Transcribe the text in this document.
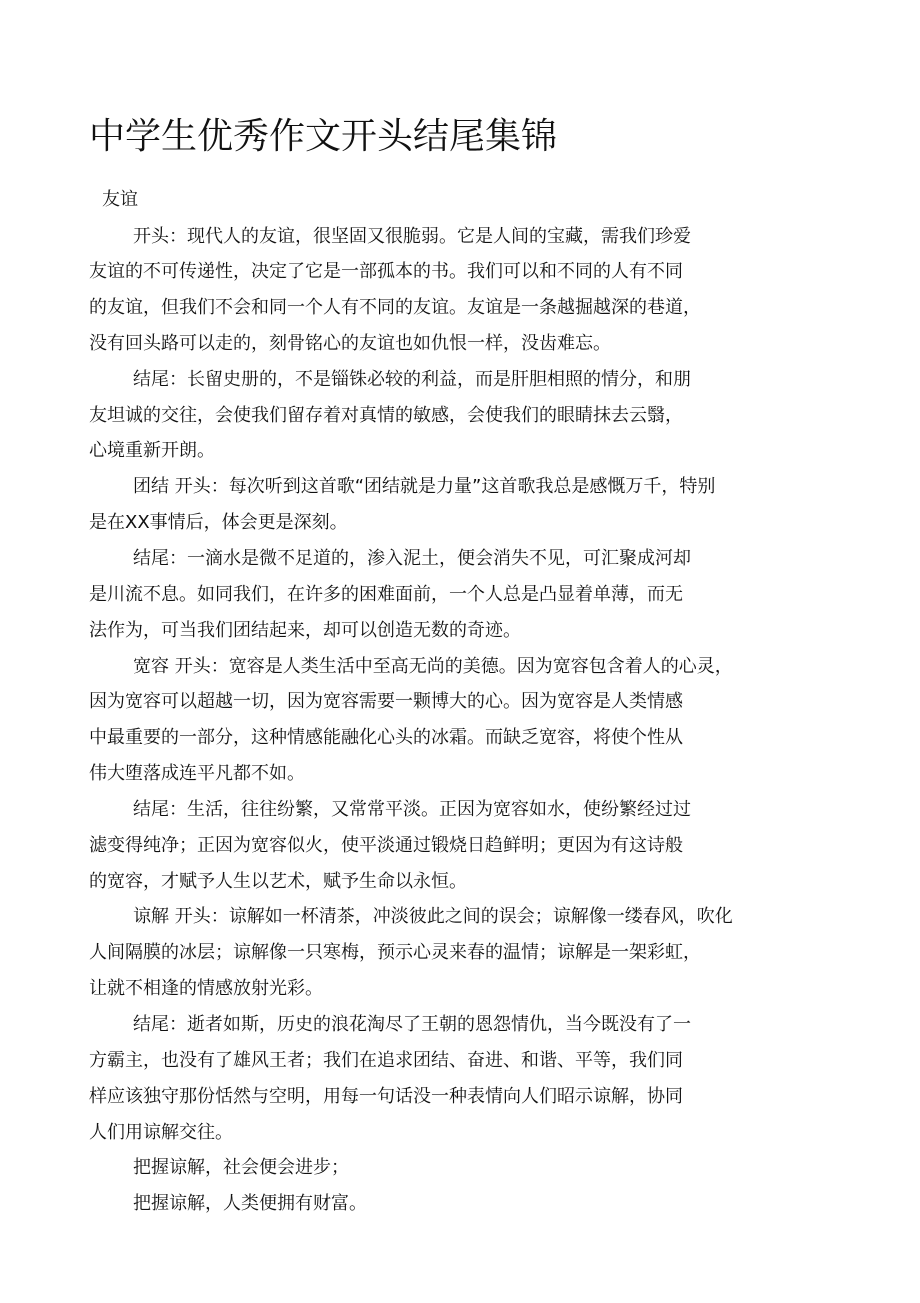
中学生优秀作文开头结尾集锦

友谊

开头：现代人的友谊，很坚固又很脆弱。它是人间的宝藏，需我们珍爱

友谊的不可传递性，决定了它是一部孤本的书。我们可以和不同的人有不同

的友谊，但我们不会和同一个人有不同的友谊。友谊是一条越掘越深的巷道，

没有回头路可以走的，刻骨铭心的友谊也如仇恨一样，没齿难忘。

结尾：长留史册的，不是锱铢必较的利益，而是肝胆相照的情分，和朋

友坦诚的交往，会使我们留存着对真情的敏感，会使我们的眼睛抹去云翳，

心境重新开朗。

团结 开头：每次听到这首歌“团结就是力量”这首歌我总是感慨万千，特别

是在XX事情后，体会更是深刻。

结尾：一滴水是微不足道的，渗入泥土，便会消失不见，可汇聚成河却

是川流不息。如同我们，在许多的困难面前，一个人总是凸显着单薄，而无

法作为，可当我们团结起来，却可以创造无数的奇迹。

宽容 开头：宽容是人类生活中至高无尚的美德。因为宽容包含着人的心灵，

因为宽容可以超越一切，因为宽容需要一颗博大的心。因为宽容是人类情感

中最重要的一部分，这种情感能融化心头的冰霜。而缺乏宽容，将使个性从

伟大堕落成连平凡都不如。

结尾：生活，往往纷繁，又常常平淡。正因为宽容如水，使纷繁经过过

滤变得纯净；正因为宽容似火，使平淡通过锻烧日趋鲜明；更因为有这诗般

的宽容，才赋予人生以艺术，赋予生命以永恒。

谅解 开头：谅解如一杯清茶，冲淡彼此之间的误会；谅解像一缕春风，吹化

人间隔膜的冰层；谅解像一只寒梅，预示心灵来春的温情；谅解是一架彩虹，

让就不相逢的情感放射光彩。

结尾：逝者如斯，历史的浪花淘尽了王朝的恩怨情仇，当今既没有了一

方霸主，也没有了雄风王者；我们在追求团结、奋进、和谐、平等，我们同

样应该独守那份恬然与空明，用每一句话没一种表情向人们昭示谅解，协同

人们用谅解交往。

把握谅解，社会便会进步；

把握谅解，人类便拥有财富。
